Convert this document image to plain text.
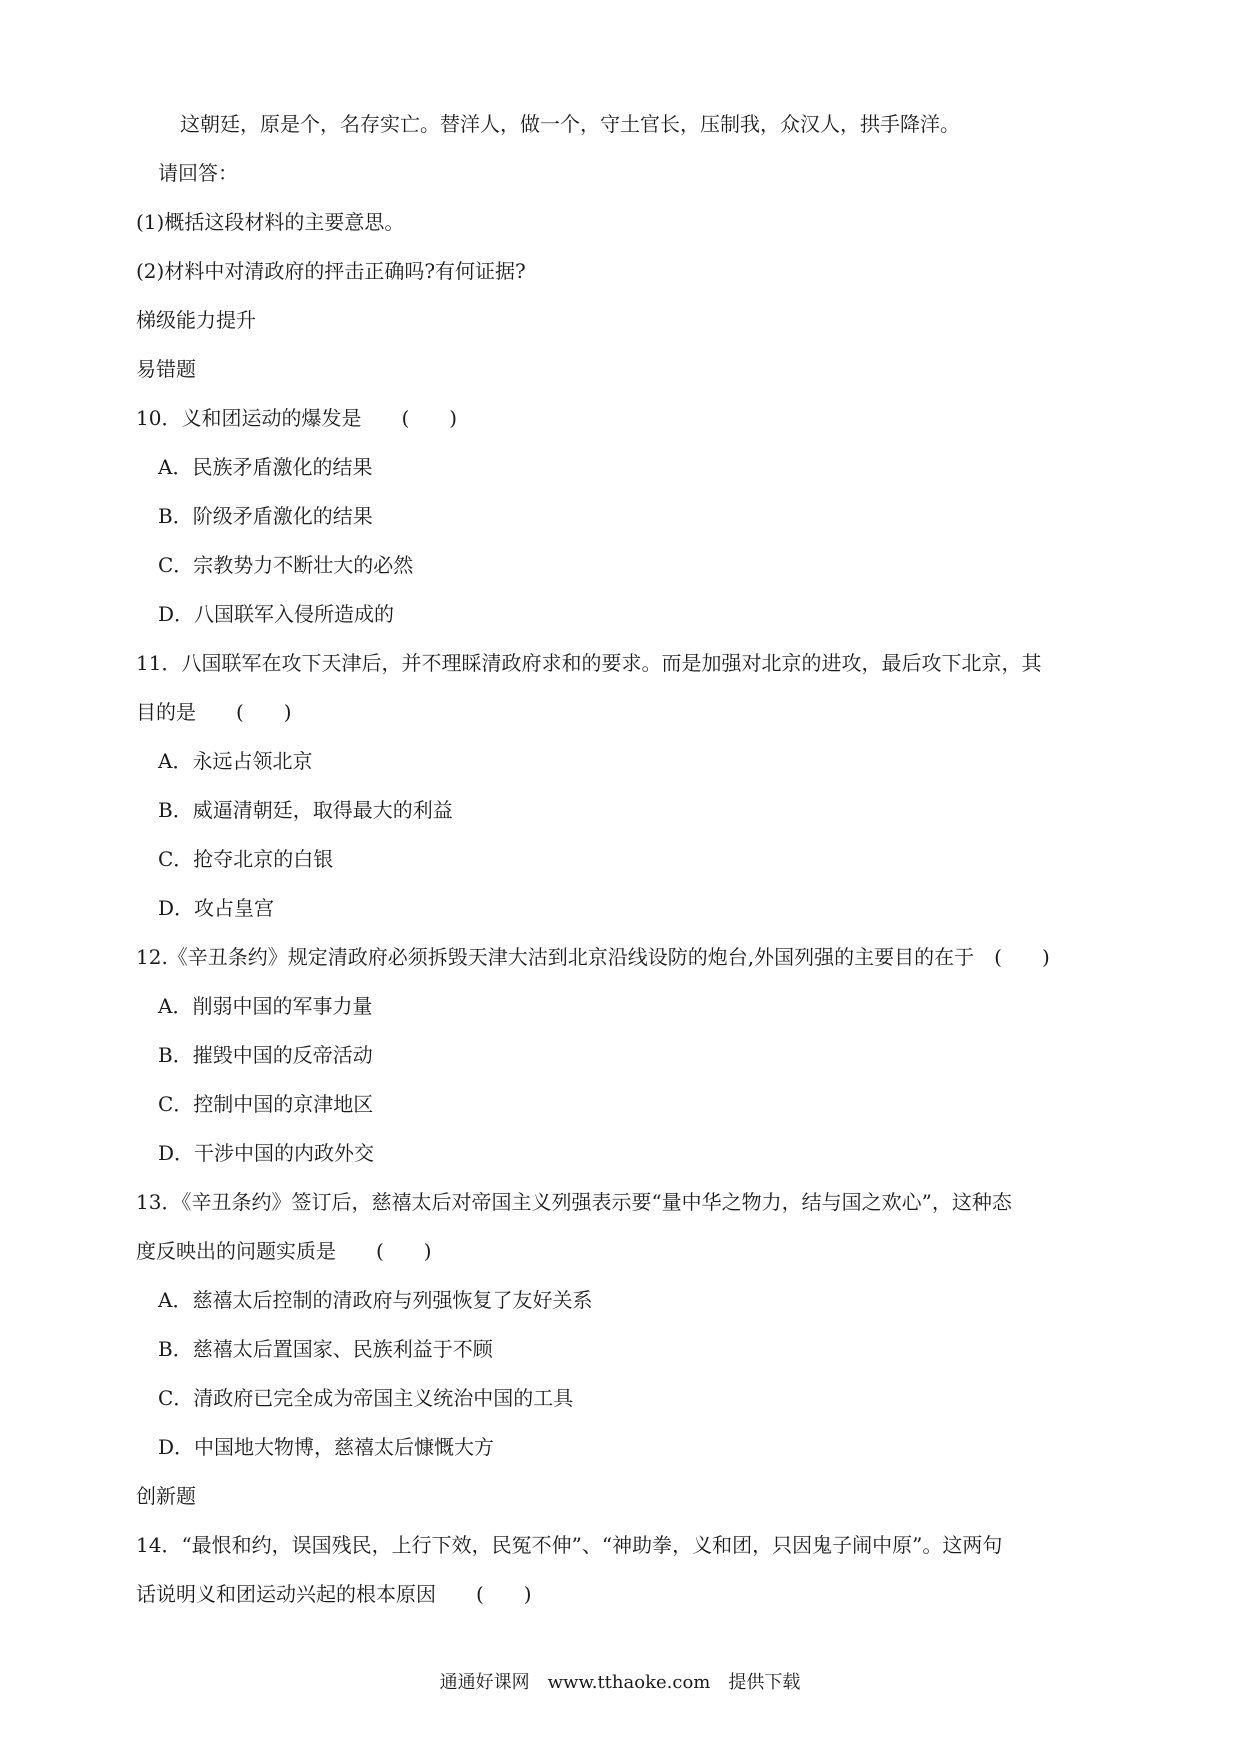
这朝廷，原是个，名存实亡。替洋人，做一个，守土官长，压制我，众汉人，拱手降洋。
请回答：
(1)概括这段材料的主要意思。
(2)材料中对清政府的抨击正确吗?有何证据?
梯级能力提升
易错题
10．义和团运动的爆发是　　(　　)
A．民族矛盾激化的结果
B．阶级矛盾激化的结果
C．宗教势力不断壮大的必然
D．八国联军入侵所造成的
11．八国联军在攻下天津后，并不理睬清政府求和的要求。而是加强对北京的进攻，最后攻下北京，其
目的是　　(　　)
A．永远占领北京
B．威逼清朝廷，取得最大的利益
C．抢夺北京的白银
D．攻占皇宫
12.《辛丑条约》规定清政府必须拆毁天津大沽到北京沿线设防的炮台,外国列强的主要目的在于　(　　)
A．削弱中国的军事力量
B．摧毁中国的反帝活动
C．控制中国的京津地区
D．干涉中国的内政外交
13．《辛丑条约》签订后，慈禧太后对帝国主义列强表示要“量中华之物力，结与国之欢心”，这种态
度反映出的问题实质是　　(　　)
A．慈禧太后控制的清政府与列强恢复了友好关系
B．慈禧太后置国家、民族利益于不顾
C．清政府已完全成为帝国主义统治中国的工具
D．中国地大物博，慈禧太后慷慨大方
创新题
14．“最恨和约，误国残民，上行下效，民冤不伸”、“神助拳，义和团，只因鬼子闹中原”。这两句
话说明义和团运动兴起的根本原因　　(　　)
通通好课网　www.tthaoke.com　提供下载
